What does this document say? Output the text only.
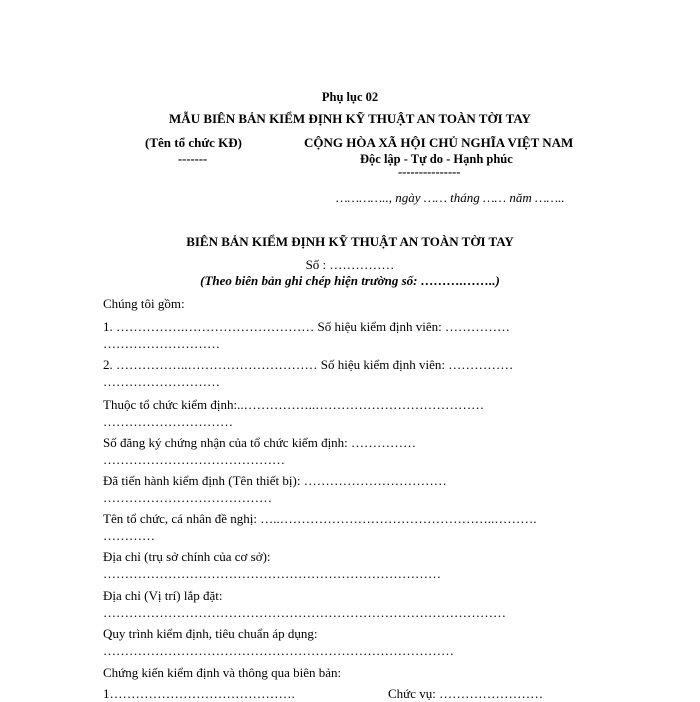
Phụ lục 02
MẪU BIÊN BẢN KIỂM ĐỊNH KỸ THUẬT AN TOÀN TỜI TAY
(Tên tổ chức KĐ)
-------
CỘNG HÒA XÃ HỘI CHỦ NGHĨA VIỆT NAM
Độc lập - Tự do - Hạnh phúc
---------------
………….., ngày …… tháng …… năm ……..
BIÊN BẢN KIỂM ĐỊNH KỸ THUẬT AN TOÀN TỜI TAY
Số : ……………
(Theo biên bản ghi chép hiện trường số: ……….……..)
Chúng tôi gồm:
1. …………….………………………… Số hiệu kiểm định viên: ……………
………………………
2. ……………..………………………… Số hiệu kiểm định viên: ……………
………………………
Thuộc tổ chức kiểm định:..……………..…………………………………
…………………………
Số đăng ký chứng nhận của tổ chức kiểm định: ……………
……………………………………
Đã tiến hành kiểm định (Tên thiết bị): ……………………………
…………………………………
Tên tổ chức, cá nhân đề nghị: …..…………………………………………..……….
…………
Địa chỉ (trụ sở chính của cơ sở):
……………………………………………………………………
Địa chỉ (Vị trí) lắp đặt:
…………………………………………………………………………………
Quy trình kiểm định, tiêu chuẩn áp dụng:
………………………………………………………………………
Chứng kiến kiểm định và thông qua biên bản:
1…………………………………….	Chức vụ: ……………………
